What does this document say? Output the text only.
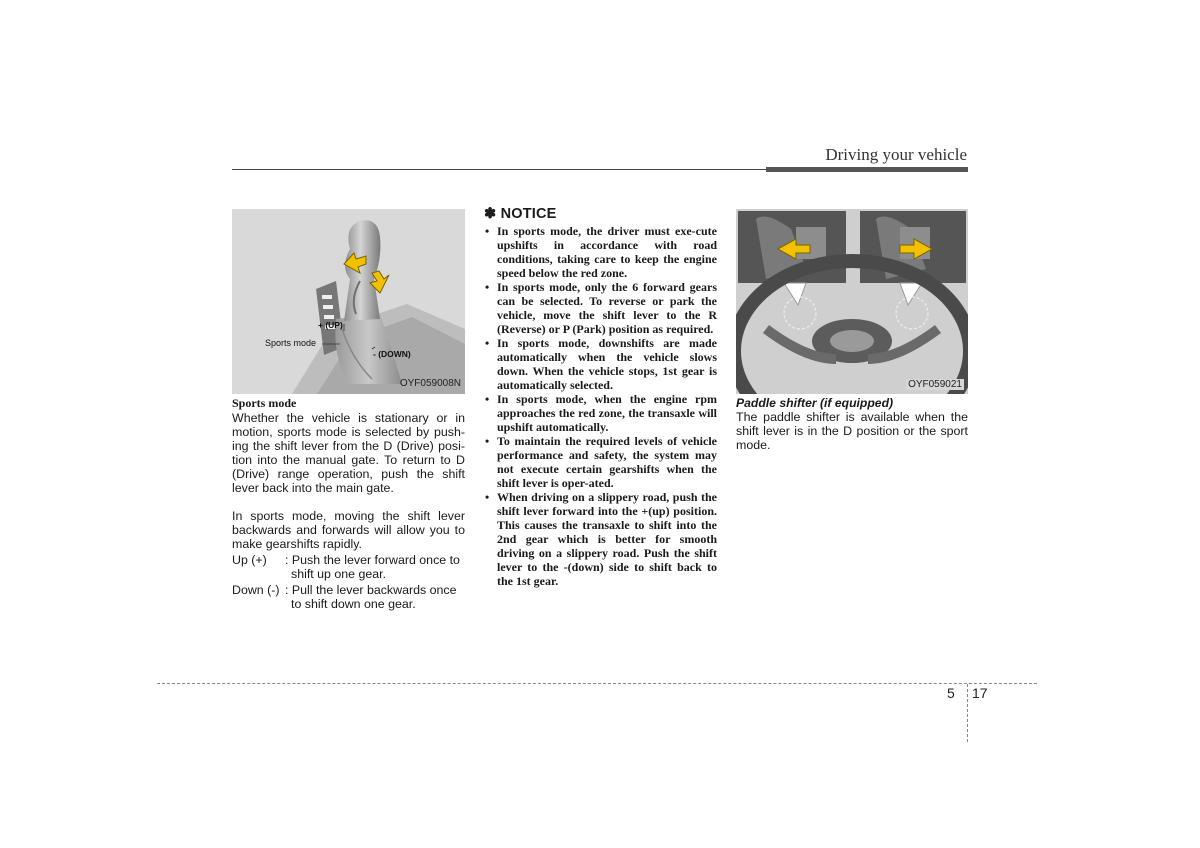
Driving your vehicle
Sports mode
+ (UP)
- (DOWN)
OYF059008N

Sports mode

Whether the vehicle is stationary or in motion, sports mode is selected by push-ing the shift lever from the D (Drive) posi-tion into the manual gate. To return to D (Drive) range operation, push the shift lever back into the main gate.

In sports mode, moving the shift lever backwards and forwards will allow you to make gearshifts rapidly.

Up (+)	: Push the lever forward once to shift up one gear.
Down (-) : Pull the lever backwards once to shift down one gear.

✽ NOTICE

• In sports mode, the driver must exe-cute upshifts in accordance with road conditions, taking care to keep the engine speed below the red zone.
• In sports mode, only the 6 forward gears can be selected. To reverse or park the vehicle, move the shift lever to the R (Reverse) or P (Park) position as required.
• In sports mode, downshifts are made automatically when the vehicle slows down. When the vehicle stops, 1st gear is automatically selected.
• In sports mode, when the engine rpm approaches the red zone, the transaxle will upshift automatically.
• To maintain the required levels of vehicle performance and safety, the system may not execute certain gearshifts when the shift lever is oper-ated.
• When driving on a slippery road, push the shift lever forward into the +(up) position. This causes the transaxle to shift into the 2nd gear which is better for smooth driving on a slippery road. Push the shift lever to the -(down) side to shift back to the 1st gear.
OYF059021

Paddle shifter (if equipped)

The paddle shifter is available when the shift lever is in the D position or the sport mode.

5 17
